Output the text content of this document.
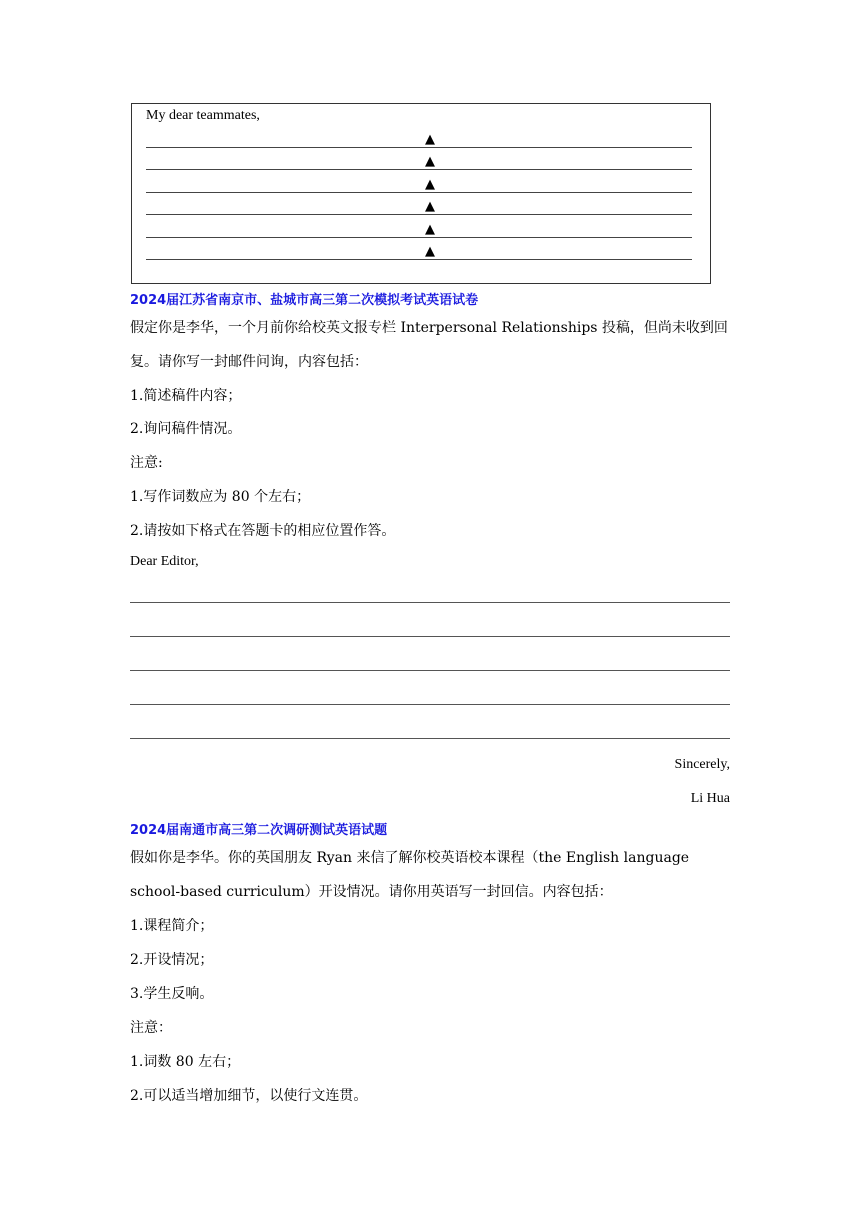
My dear teammates,
▲
▲
▲
▲
▲
▲
2024届江苏省南京市、盐城市高三第二次模拟考试英语试卷
假定你是李华，一个月前你给校英文报专栏 Interpersonal Relationships 投稿，但尚未收到回
复。请你写一封邮件问询，内容包括：
1.简述稿件内容；
2.询问稿件情况。
注意:
1.写作词数应为 80 个左右；
2.请按如下格式在答题卡的相应位置作答。
Dear Editor,
Sincerely,
Li Hua
2024届南通市高三第二次调研测试英语试题
假如你是李华。你的英国朋友 Ryan 来信了解你校英语校本课程（the English language
school-based curriculum）开设情况。请你用英语写一封回信。内容包括：
1.课程简介；
2.开设情况；
3.学生反响。
注意：
1.词数 80 左右；
2.可以适当增加细节，以使行文连贯。
